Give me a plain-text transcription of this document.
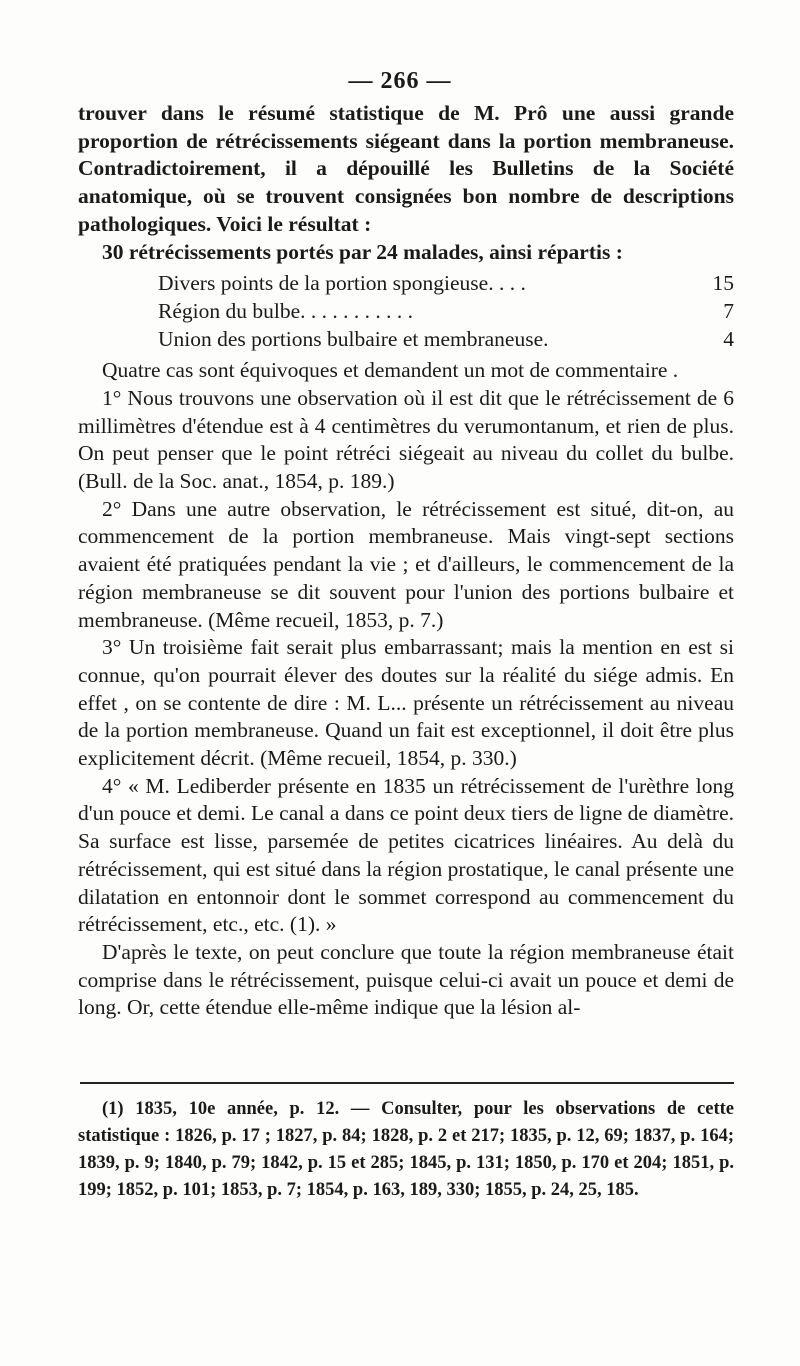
— 266 —

trouver dans le résumé statistique de M. Prô une aussi grande proportion de rétrécissements siégeant dans la portion membraneuse. Contradictoirement, il a dépouillé les Bulletins de la Société anatomique, où se trouvent consignées bon nombre de descriptions pathologiques. Voici le résultat :

30 rétrécissements portés par 24 malades, ainsi répartis :

Divers points de la portion spongieuse. . . .	15
Région du bulbe. . . . . . . . . . .	7
Union des portions bulbaire et membraneuse.	4

Quatre cas sont équivoques et demandent un mot de commentaire .

1° Nous trouvons une observation où il est dit que le rétrécissement de 6 millimètres d'étendue est à 4 centimètres du verumontanum, et rien de plus. On peut penser que le point rétréci siégeait au niveau du collet du bulbe. (Bull. de la Soc. anat., 1854, p. 189.)

2° Dans une autre observation, le rétrécissement est situé, dit-on, au commencement de la portion membraneuse. Mais vingt-sept sections avaient été pratiquées pendant la vie ; et d'ailleurs, le commencement de la région membraneuse se dit souvent pour l'union des portions bulbaire et membraneuse. (Même recueil, 1853, p. 7.)

3° Un troisième fait serait plus embarrassant; mais la mention en est si connue, qu'on pourrait élever des doutes sur la réalité du siége admis. En effet , on se contente de dire : M. L... présente un rétrécissement au niveau de la portion membraneuse. Quand un fait est exceptionnel, il doit être plus explicitement décrit. (Même recueil, 1854, p. 330.)

4° « M. Lediberder présente en 1835 un rétrécissement de l'urèthre long d'un pouce et demi. Le canal a dans ce point deux tiers de ligne de diamètre. Sa surface est lisse, parsemée de petites cicatrices linéaires. Au delà du rétrécissement, qui est situé dans la région prostatique, le canal présente une dilatation en entonnoir dont le sommet correspond au commencement du rétrécissement, etc., etc. (1). »

D'après le texte, on peut conclure que toute la région membraneuse était comprise dans le rétrécissement, puisque celui-ci avait un pouce et demi de long. Or, cette étendue elle-même indique que la lésion al-

(1) 1835, 10e année, p. 12. — Consulter, pour les observations de cette statistique : 1826, p. 17 ; 1827, p. 84; 1828, p. 2 et 217; 1835, p. 12, 69; 1837, p. 164; 1839, p. 9; 1840, p. 79; 1842, p. 15 et 285; 1845, p. 131; 1850, p. 170 et 204; 1851, p. 199; 1852, p. 101; 1853, p. 7; 1854, p. 163, 189, 330; 1855, p. 24, 25, 185.
